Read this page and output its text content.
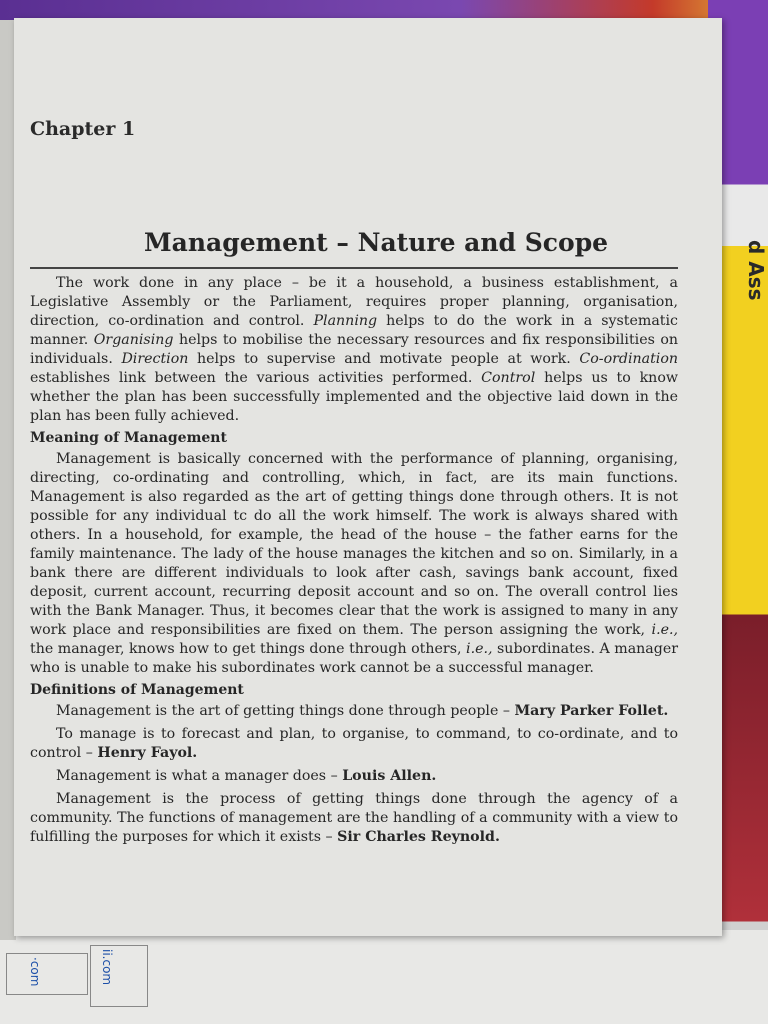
d Ass
Chapter 1
Management – Nature and Scope

The work done in any place – be it a household, a business establishment, a Legislative Assembly or the Parliament, requires proper planning, organisation, direction, co-ordination and control. Planning helps to do the work in a systematic manner. Organising helps to mobilise the necessary resources and fix responsibilities on individuals. Direction helps to supervise and motivate people at work. Co-ordination establishes link between the various activities performed. Control helps us to know whether the plan has been successfully implemented and the objective laid down in the plan has been fully achieved.

Meaning of Management

Management is basically concerned with the performance of planning, organising, directing, co-ordinating and controlling, which, in fact, are its main functions. Management is also regarded as the art of getting things done through others. It is not possible for any individual tc do all the work himself. The work is always shared with others. In a household, for example, the head of the house – the father earns for the family maintenance. The lady of the house manages the kitchen and so on. Similarly, in a bank there are different individuals to look after cash, savings bank account, fixed deposit, current account, recurring deposit account and so on. The overall control lies with the Bank Manager. Thus, it becomes clear that the work is assigned to many in any work place and responsibilities are fixed on them. The person assigning the work, i.e., the manager, knows how to get things done through others, i.e., subordinates. A manager who is unable to make his subordinates work cannot be a successful manager.

Definitions of Management

Management is the art of getting things done through people – Mary Parker Follet.

To manage is to forecast and plan, to organise, to command, to co-ordinate, and to control – Henry Fayol.

Management is what a manager does – Louis Allen.

Management is the process of getting things done through the agency of a community. The functions of management are the handling of a community with a view to fulfilling the purposes for which it exists – Sir Charles Reynold.

·com	ii.com
